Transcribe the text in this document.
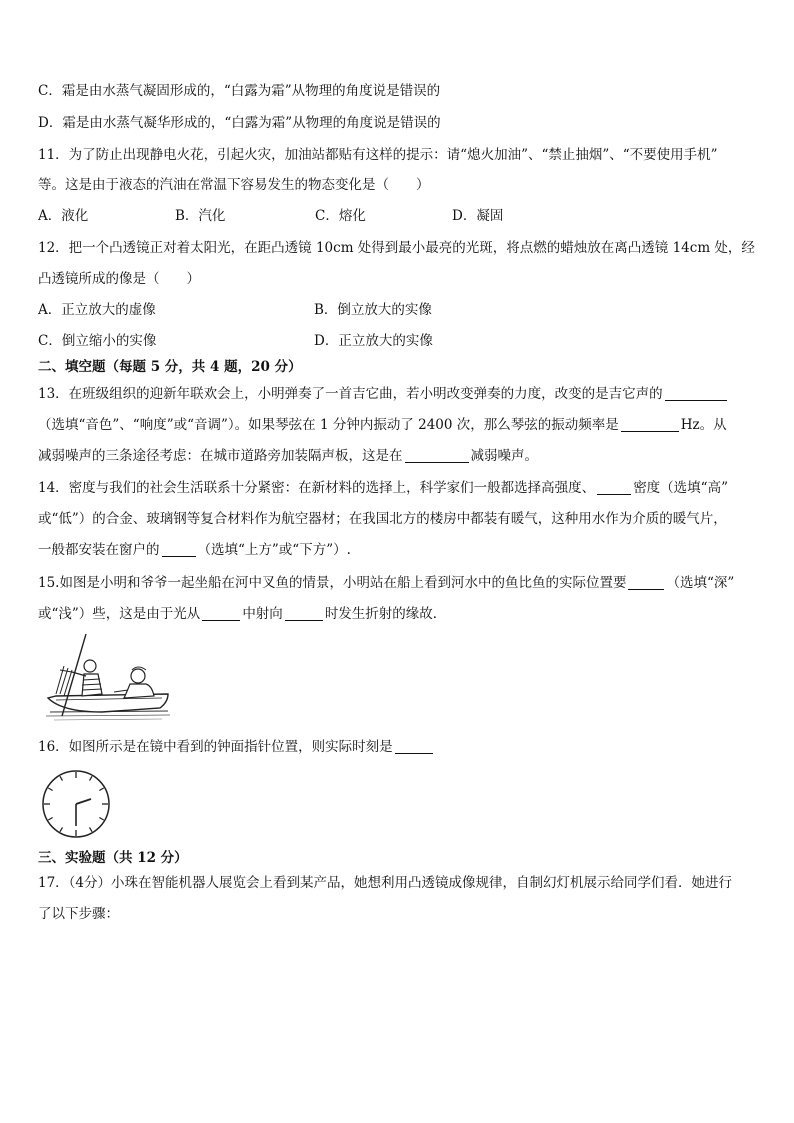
C．霜是由水蒸气凝固形成的，“白露为霜”从物理的角度说是错误的
D．霜是由水蒸气凝华形成的，“白露为霜”从物理的角度说是错误的
11．为了防止出现静电火花，引起火灾，加油站都贴有这样的提示：请“熄火加油”、“禁止抽烟”、“不要使用手机”
等。这是由于液态的汽油在常温下容易发生的物态变化是（　　）
A．液化	B．汽化	C．熔化	D．凝固
12．把一个凸透镜正对着太阳光，在距凸透镜 10cm 处得到最小最亮的光斑，将点燃的蜡烛放在离凸透镜 14cm 处，经
凸透镜所成的像是（　　）
A．正立放大的虚像	B．倒立放大的实像
C．倒立缩小的实像	D．正立放大的实像
二、填空题（每题 5 分，共 4 题，20 分）
13．在班级组织的迎新年联欢会上，小明弹奏了一首吉它曲，若小明改变弹奏的力度，改变的是吉它声的
（选填“音色”、“响度”或“音调”）。如果琴弦在 1 分钟内振动了 2400 次，那么琴弦的振动频率是	Hz。从
减弱噪声的三条途径考虑：在城市道路旁加装隔声板，这是在	减弱噪声。
14．密度与我们的社会生活联系十分紧密：在新材料的选择上，科学家们一般都选择高强度、	密度（选填“高”
或“低”）的合金、玻璃钢等复合材料作为航空器材；在我国北方的楼房中都装有暖气，这种用水作为介质的暖气片，
一般都安装在窗户的	（选填“上方”或“下方”）.
15.如图是小明和爷爷一起坐船在河中叉鱼的情景，小明站在船上看到河水中的鱼比鱼的实际位置要	（选填“深”
或“浅”）些，这是由于光从	中射向	时发生折射的缘故．
16．如图所示是在镜中看到的钟面指针位置，则实际时刻是
三、实验题（共 12 分）
17．（4分）小珠在智能机器人展览会上看到某产品，她想利用凸透镜成像规律，自制幻灯机展示给同学们看．她进行
了以下步骤：
